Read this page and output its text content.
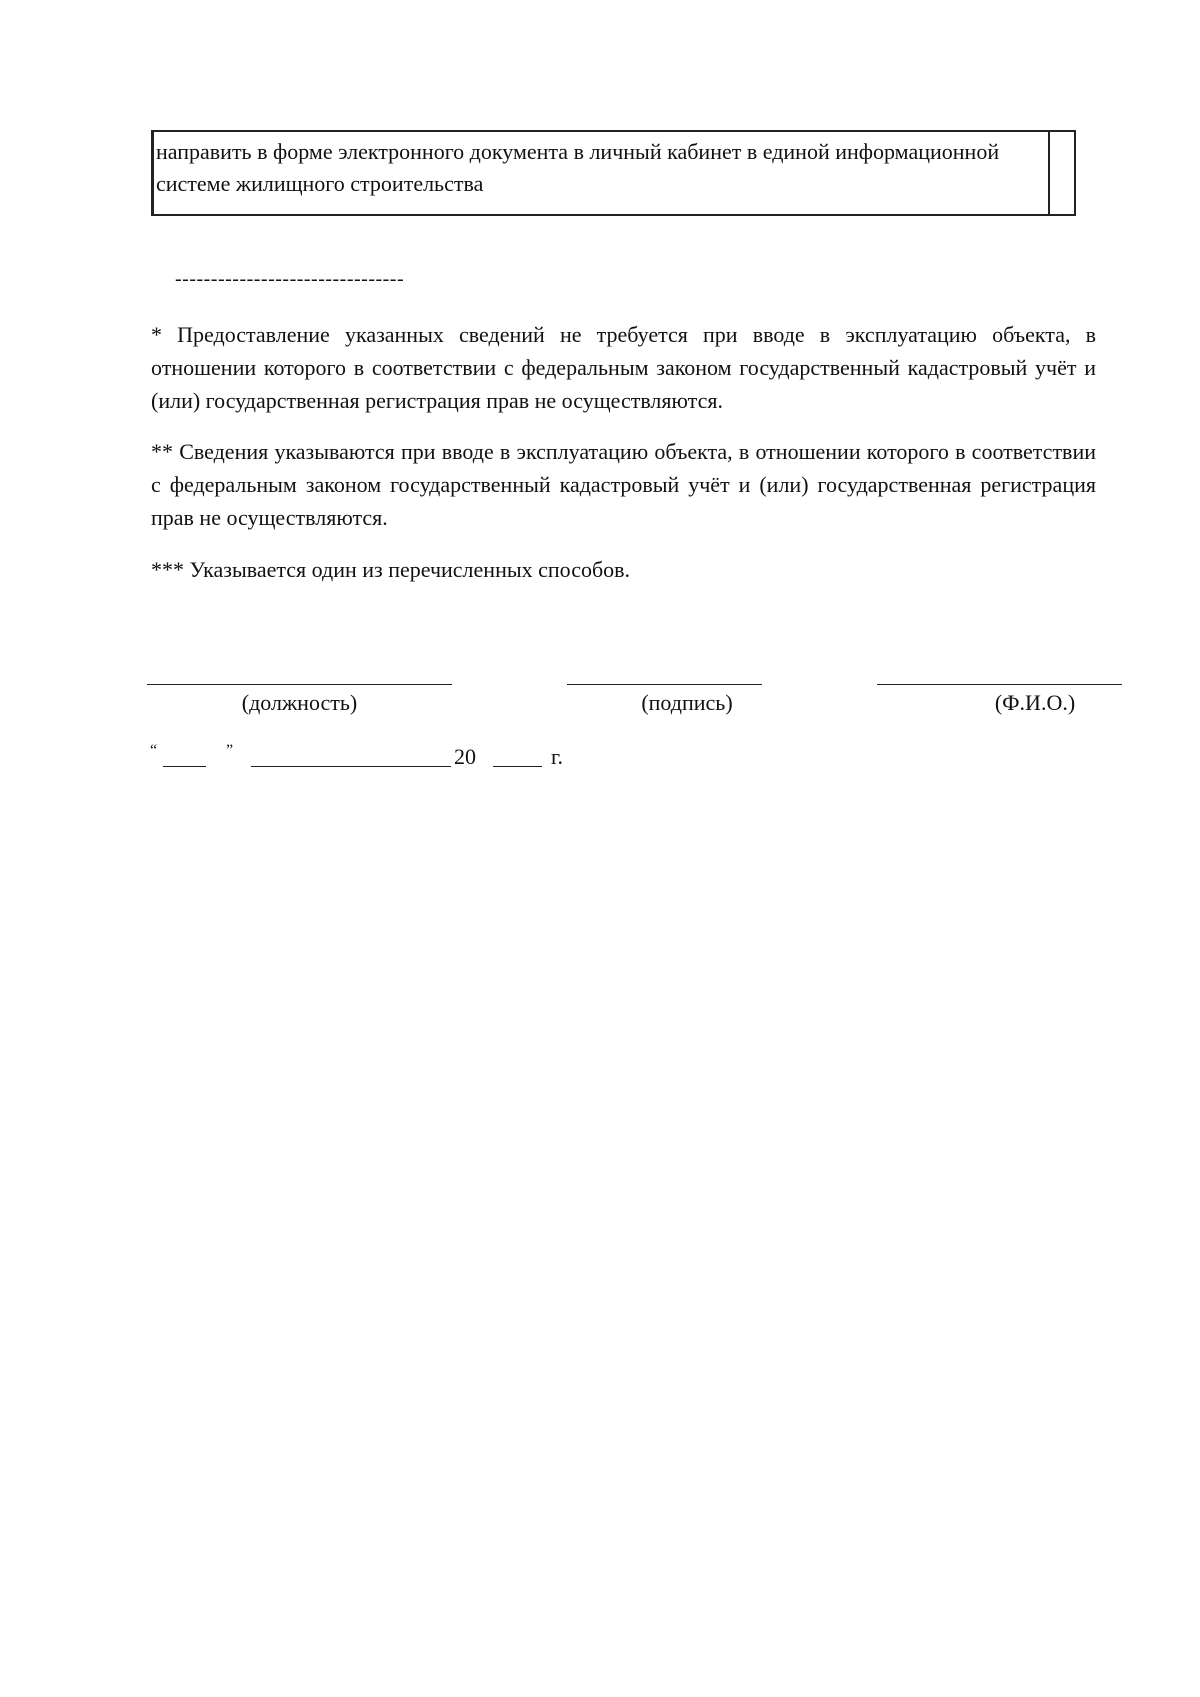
направить в форме электронного документа в личный кабинет в единой информационной системе жилищного строительства
--------------------------------
* Предоставление указанных сведений не требуется при вводе в эксплуатацию объекта, в отношении которого в соответствии с федеральным законом государственный кадастровый учёт и (или) государственная регистрация прав не осуществляются.
** Сведения указываются при вводе в эксплуатацию объекта, в отношении которого в соответствии с федеральным законом государственный кадастровый учёт и (или) государственная регистрация прав не осуществляются.
*** Указывается один из перечисленных способов.
(должность)	(подпись)	(Ф.И.О.)
“	”	20	г.
